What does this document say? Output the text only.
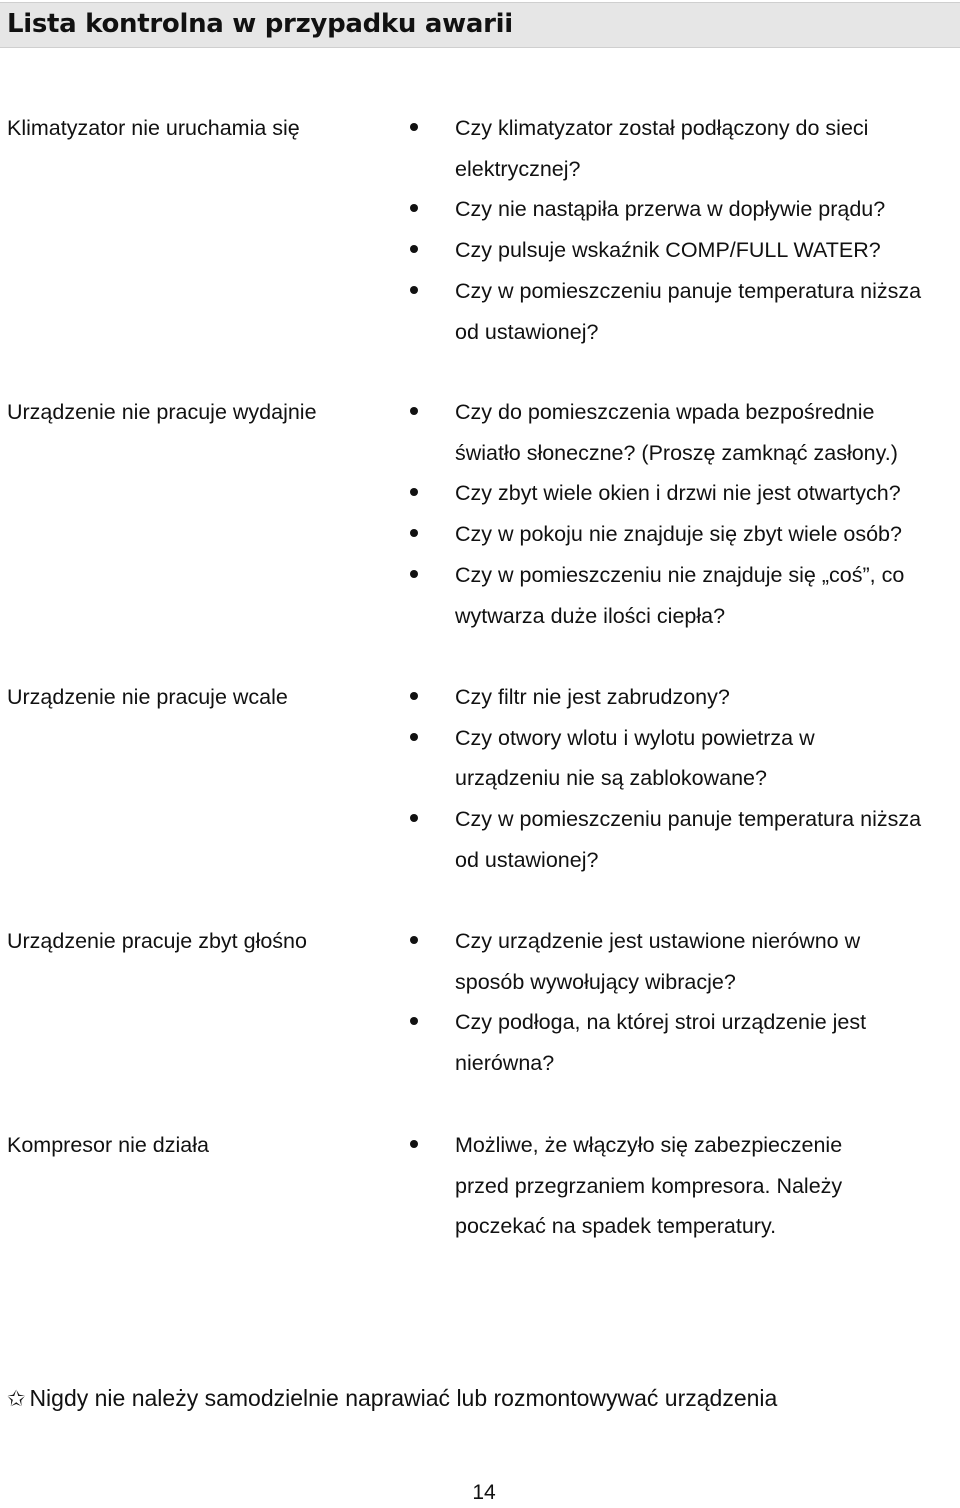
Lista kontrolna w przypadku awarii

Klimatyzator nie uruchamia się	Czy klimatyzator został podłączony do sieci
elektrycznej?
Czy nie nastąpiła przerwa w dopływie prądu?
Czy pulsuje wskaźnik COMP/FULL WATER?
Czy w pomieszczeniu panuje temperatura niższa
od ustawionej?

Urządzenie nie pracuje wydajnie	Czy do pomieszczenia wpada bezpośrednie
światło słoneczne? (Proszę zamknąć zasłony.)
Czy zbyt wiele okien i drzwi nie jest otwartych?
Czy w pokoju nie znajduje się zbyt wiele osób?
Czy w pomieszczeniu nie znajduje się „coś”, co
wytwarza duże ilości ciepła?

Urządzenie nie pracuje wcale	Czy filtr nie jest zabrudzony?
Czy otwory wlotu i wylotu powietrza w
urządzeniu nie są zablokowane?
Czy w pomieszczeniu panuje temperatura niższa
od ustawionej?

Urządzenie pracuje zbyt głośno	Czy urządzenie jest ustawione nierówno w
sposób wywołujący wibracje?
Czy podłoga, na której stroi urządzenie jest
nierówna?

Kompresor nie działa	Możliwe, że włączyło się zabezpieczenie
przed przegrzaniem kompresora. Należy
poczekać na spadek temperatury.
✩ Nigdy nie należy samodzielnie naprawiać lub rozmontowywać urządzenia
14
